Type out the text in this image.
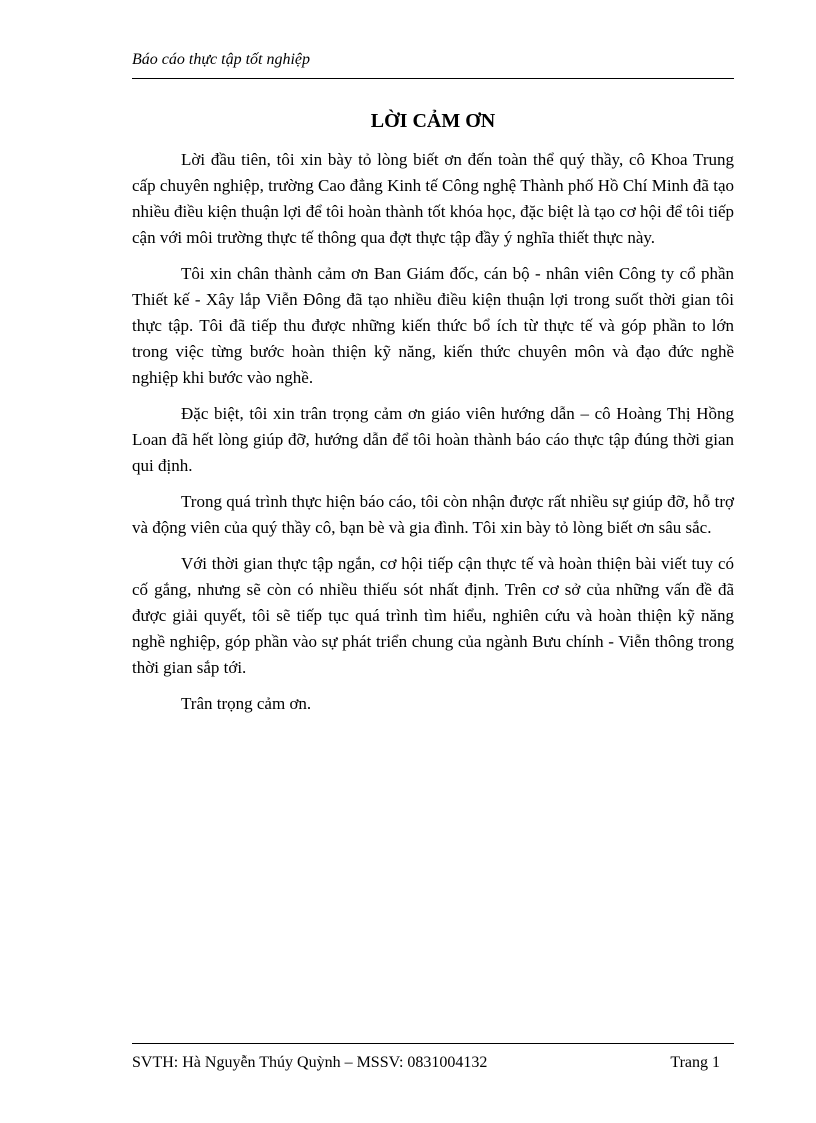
Báo cáo thực tập tốt nghiệp
LỜI CẢM ƠN

Lời đầu tiên, tôi xin bày tỏ lòng biết ơn đến toàn thể quý thầy, cô Khoa Trung cấp chuyên nghiệp, trường Cao đẳng Kinh tế Công nghệ Thành phố Hồ Chí Minh đã tạo nhiều điều kiện thuận lợi để tôi hoàn thành tốt khóa học, đặc biệt là tạo cơ hội để tôi tiếp cận với môi trường thực tế thông qua đợt thực tập đầy ý nghĩa thiết thực này.

Tôi xin chân thành cảm ơn Ban Giám đốc, cán bộ - nhân viên Công ty cổ phần Thiết kế - Xây lắp Viễn Đông đã tạo nhiều điều kiện thuận lợi trong suốt thời gian tôi thực tập. Tôi đã tiếp thu được những kiến thức bổ ích từ thực tế và góp phần to lớn trong việc từng bước hoàn thiện kỹ năng, kiến thức chuyên môn và đạo đức nghề nghiệp khi bước vào nghề.

Đặc biệt, tôi xin trân trọng cảm ơn giáo viên hướng dẫn – cô Hoàng Thị Hồng Loan đã hết lòng giúp đỡ, hướng dẫn để tôi hoàn thành báo cáo thực tập đúng thời gian qui định.

Trong quá trình thực hiện báo cáo, tôi còn nhận được rất nhiều sự giúp đỡ, hỗ trợ và động viên của quý thầy cô, bạn bè và gia đình. Tôi xin bày tỏ lòng biết ơn sâu sắc.

Với thời gian thực tập ngắn, cơ hội tiếp cận thực tế và hoàn thiện bài viết tuy có cố gắng, nhưng sẽ còn có nhiều thiếu sót nhất định. Trên cơ sở của những vấn đề đã được giải quyết, tôi sẽ tiếp tục quá trình tìm hiểu, nghiên cứu và hoàn thiện kỹ năng nghề nghiệp, góp phần vào sự phát triển chung của ngành Bưu chính - Viễn thông trong thời gian sắp tới.

Trân trọng cảm ơn.

SVTH: Hà Nguyễn Thúy Quỳnh – MSSV: 0831004132	Trang 1
